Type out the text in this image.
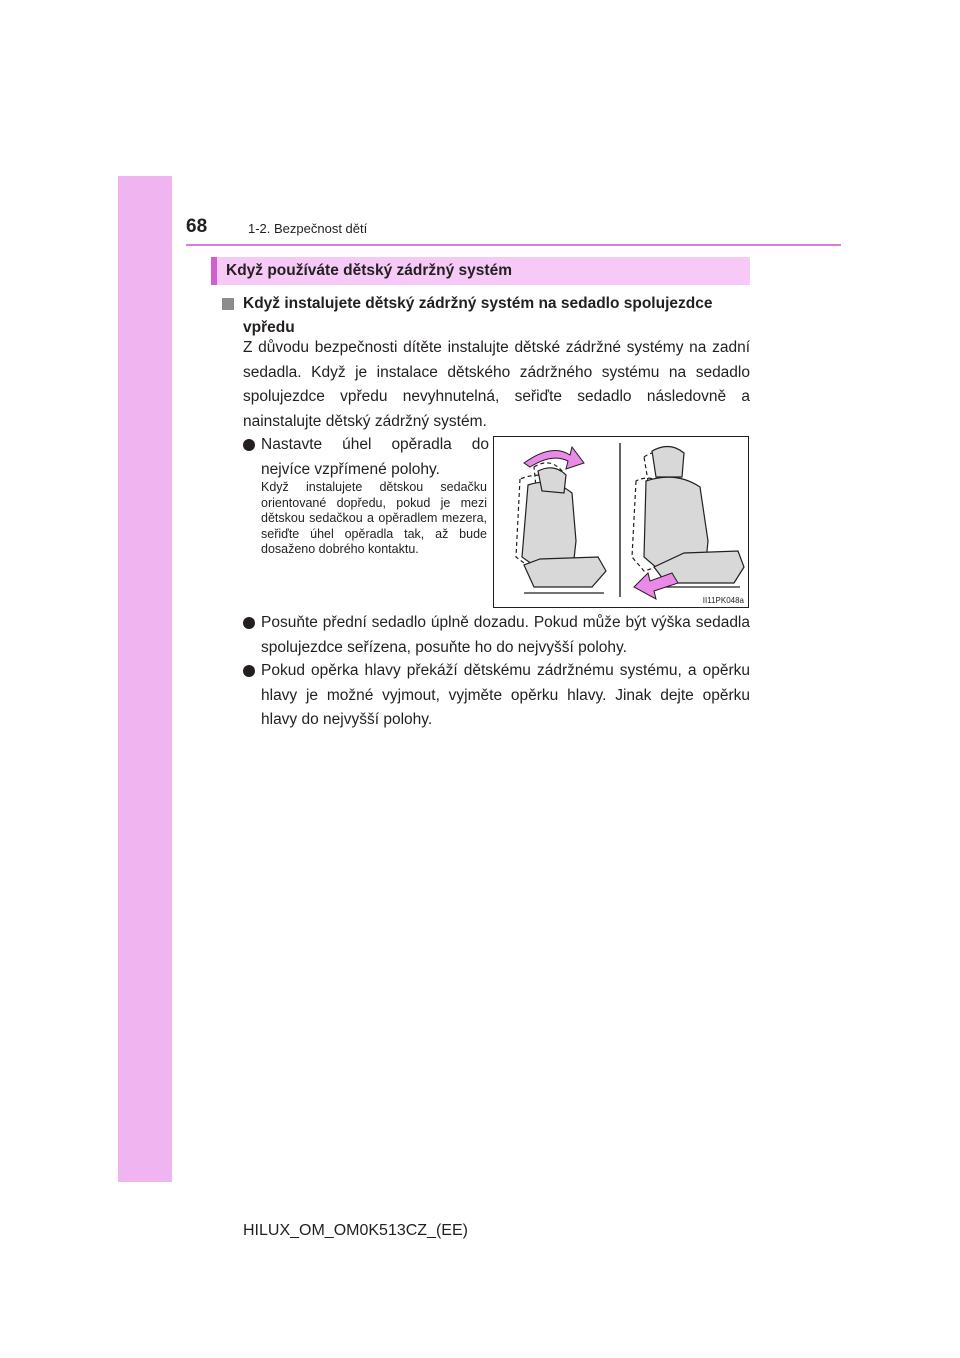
68	1-2. Bezpečnost dětí
Když používáte dětský zádržný systém
Když instalujete dětský zádržný systém na sedadlo spolujezdce vpředu
Z důvodu bezpečnosti dítěte instalujte dětské zádržné systémy na zadní sedadla. Když je instalace dětského zádržného systému na sedadlo spolujezdce vpředu nevyhnutelná, seřiďte sedadlo následovně a nainstalujte dětský zádržný systém.
Nastavte úhel opěradla do nejvíce vzpřímené polohy.
Když instalujete dětskou sedačku orientované dopředu, pokud je mezi dětskou sedačkou a opěradlem mezera, seřiďte úhel opěradla tak, až bude dosaženo dobrého kontaktu.
II11PK048a
Posuňte přední sedadlo úplně dozadu. Pokud může být výška sedadla spolujezdce seřízena, posuňte ho do nejvyšší polohy.
Pokud opěrka hlavy překáží dětskému zádržnému systému, a opěrku hlavy je možné vyjmout, vyjměte opěrku hlavy. Jinak dejte opěrku hlavy do nejvyšší polohy.
HILUX_OM_OM0K513CZ_(EE)
